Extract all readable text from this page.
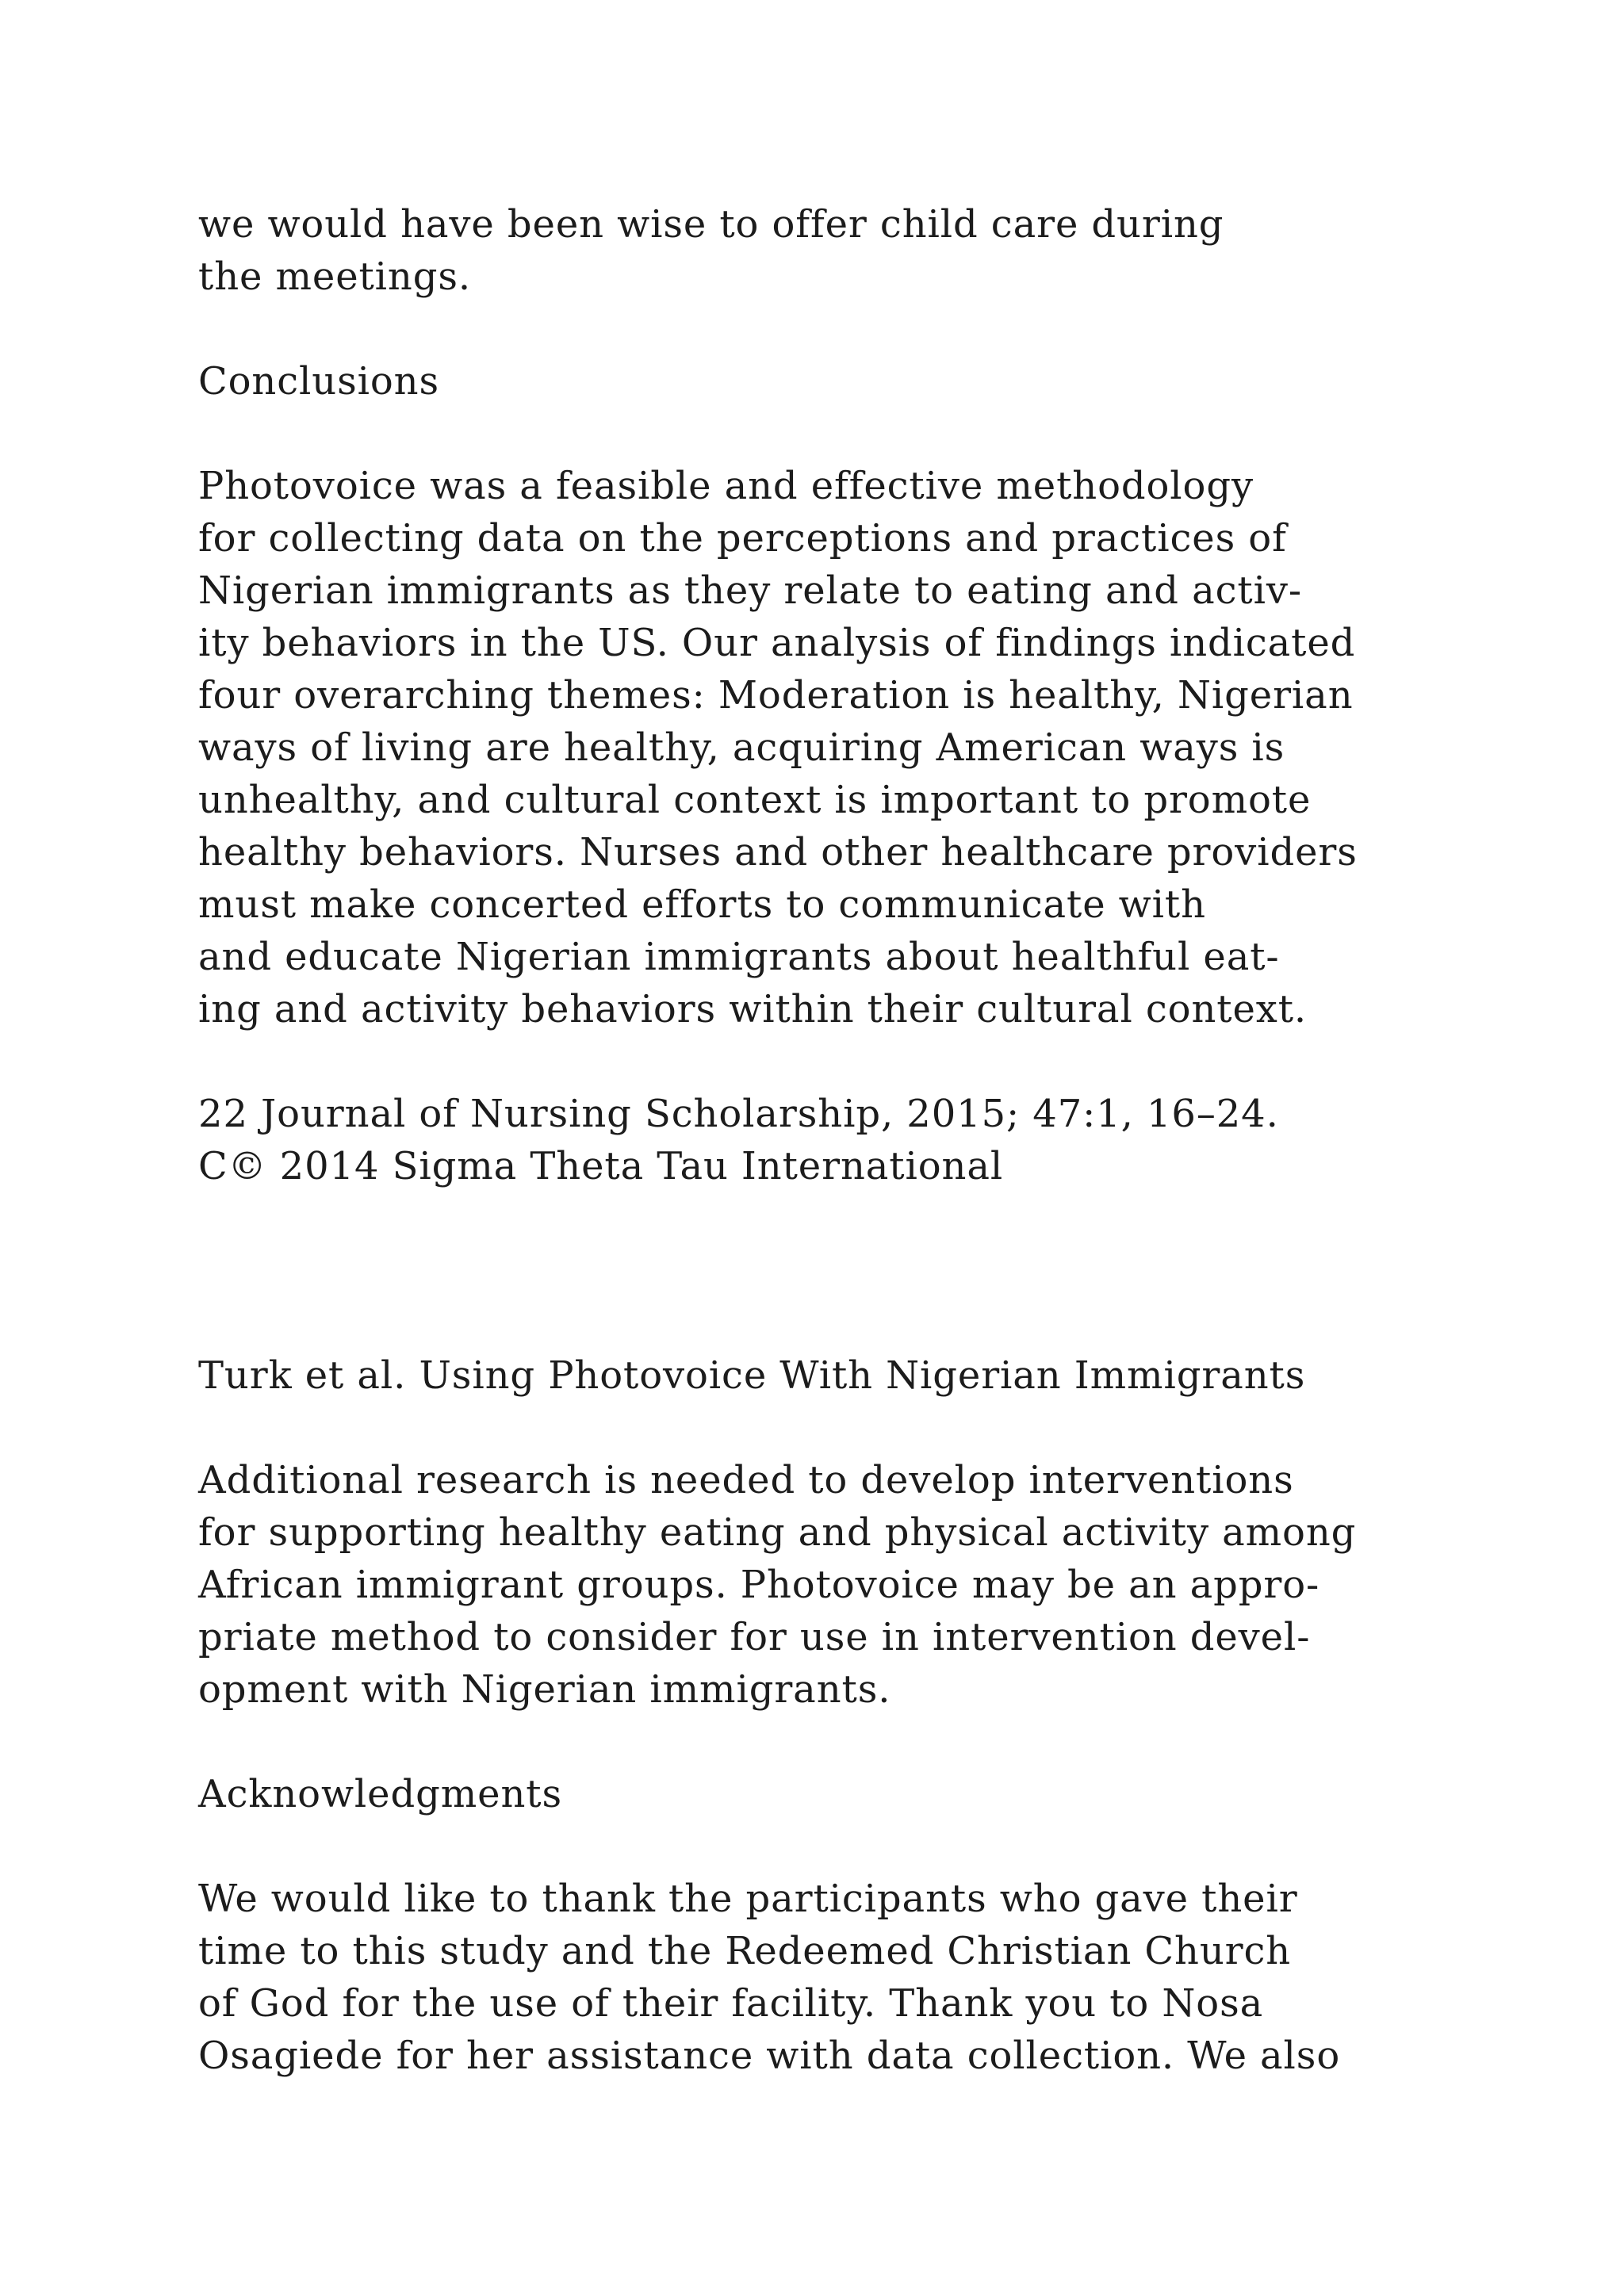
we would have been wise to offer child care during

the meetings.

Conclusions

Photovoice was a feasible and effective methodology

for collecting data on the perceptions and practices of

Nigerian immigrants as they relate to eating and activ-

ity behaviors in the US. Our analysis of findings indicated

four overarching themes: Moderation is healthy, Nigerian

ways of living are healthy, acquiring American ways is

unhealthy, and cultural context is important to promote

healthy behaviors. Nurses and other healthcare providers

must make concerted efforts to communicate with

and educate Nigerian immigrants about healthful eat-

ing and activity behaviors within their cultural context.

22 Journal of Nursing Scholarship, 2015; 47:1, 16–24.

C© 2014 Sigma Theta Tau International

Turk et al. Using Photovoice With Nigerian Immigrants

Additional research is needed to develop interventions

for supporting healthy eating and physical activity among

African immigrant groups. Photovoice may be an appro-

priate method to consider for use in intervention devel-

opment with Nigerian immigrants.

Acknowledgments

We would like to thank the participants who gave their

time to this study and the Redeemed Christian Church

of God for the use of their facility. Thank you to Nosa

Osagiede for her assistance with data collection. We also
